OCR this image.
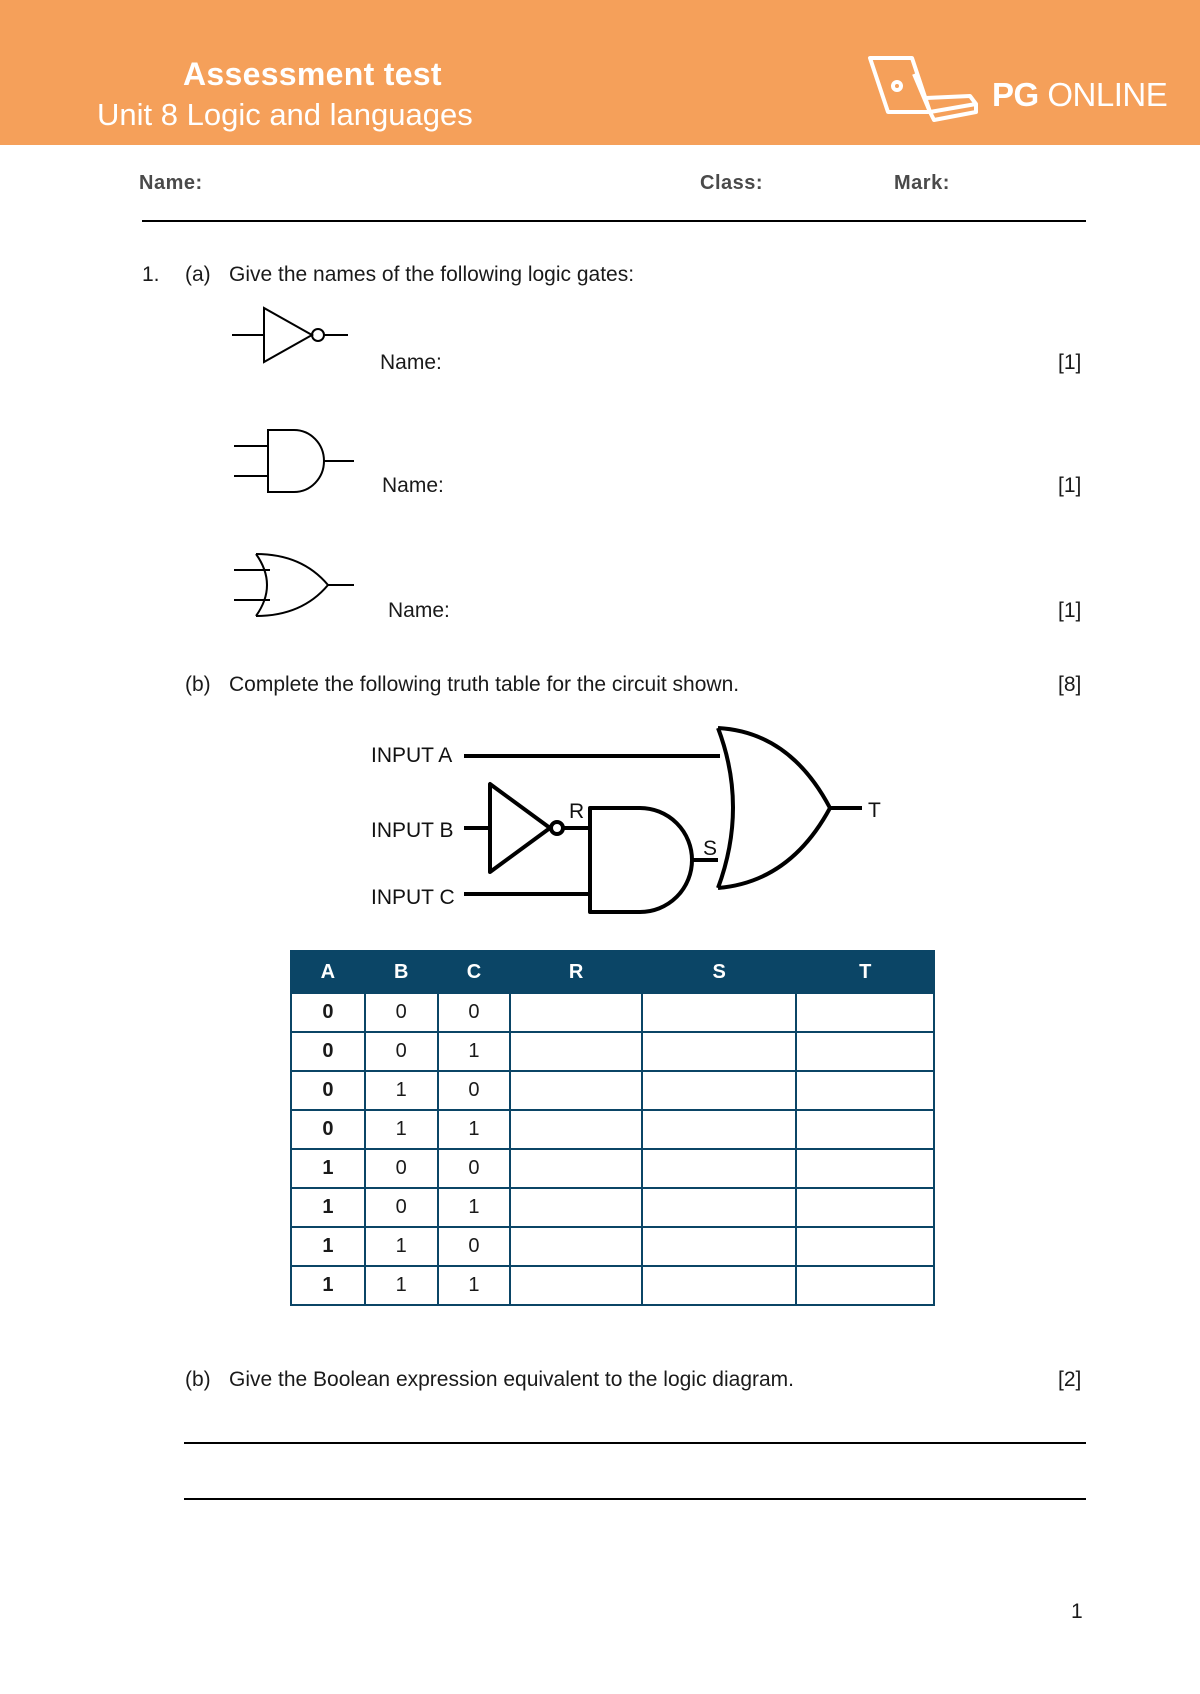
Assessment test
Unit 8 Logic and languages
PG ONLINE
Name:	Class:	Mark:
1. (a) Give the names of the following logic gates:
Name:	[1]
Name:	[1]
Name:	[1]
(b) Complete the following truth table for the circuit shown.	[8]
INPUT A
INPUT B
INPUT C
R
S
T
A	B	C	R	S	T
0	0	0			
0	0	1			
0	1	0			
0	1	1			
1	0	0			
1	0	1			
1	1	0			
1	1	1			
(b) Give the Boolean expression equivalent to the logic diagram.	[2]
1
